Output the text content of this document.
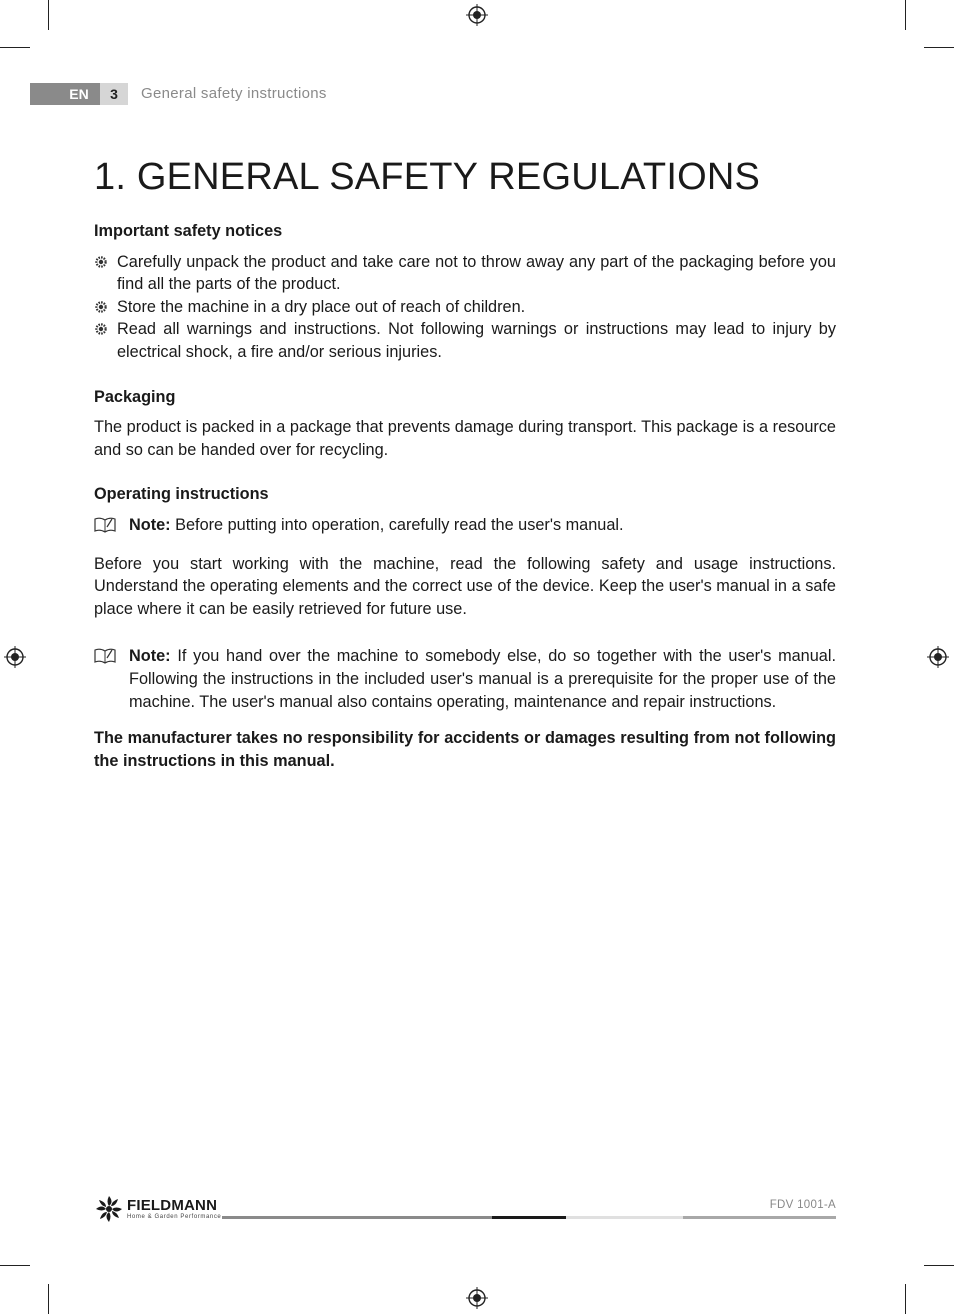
EN	3	General safety instructions
1. GENERAL SAFETY REGULATIONS
Important safety notices
Carefully unpack the product and take care not to throw away any part of the packaging before you find all the parts of the product.
Store the machine in a dry place out of reach of children.
Read all warnings and instructions. Not following warnings or instructions may lead to injury by electrical shock, a fire and/or serious injuries.
Packaging

The product is packed in a package that prevents damage during transport. This package is a resource and so can be handed over for recycling.

Operating instructions
Note: Before putting into operation, carefully read the user's manual.

Before you start working with the machine, read the following safety and usage instructions. Understand the operating elements and the correct use of the device. Keep the user's manual in a safe place where it can be easily retrieved for future use.

Note: If you hand over the machine to somebody else, do so together with the user's manual. Following the instructions in the included user's manual is a prerequisite for the proper use of the machine. The user's manual also contains operating, maintenance and repair instructions.

The manufacturer takes no responsibility for accidents or damages resulting from not following the instructions in this manual.

FIELDMANN
Home & Garden Performance
FDV 1001-A
